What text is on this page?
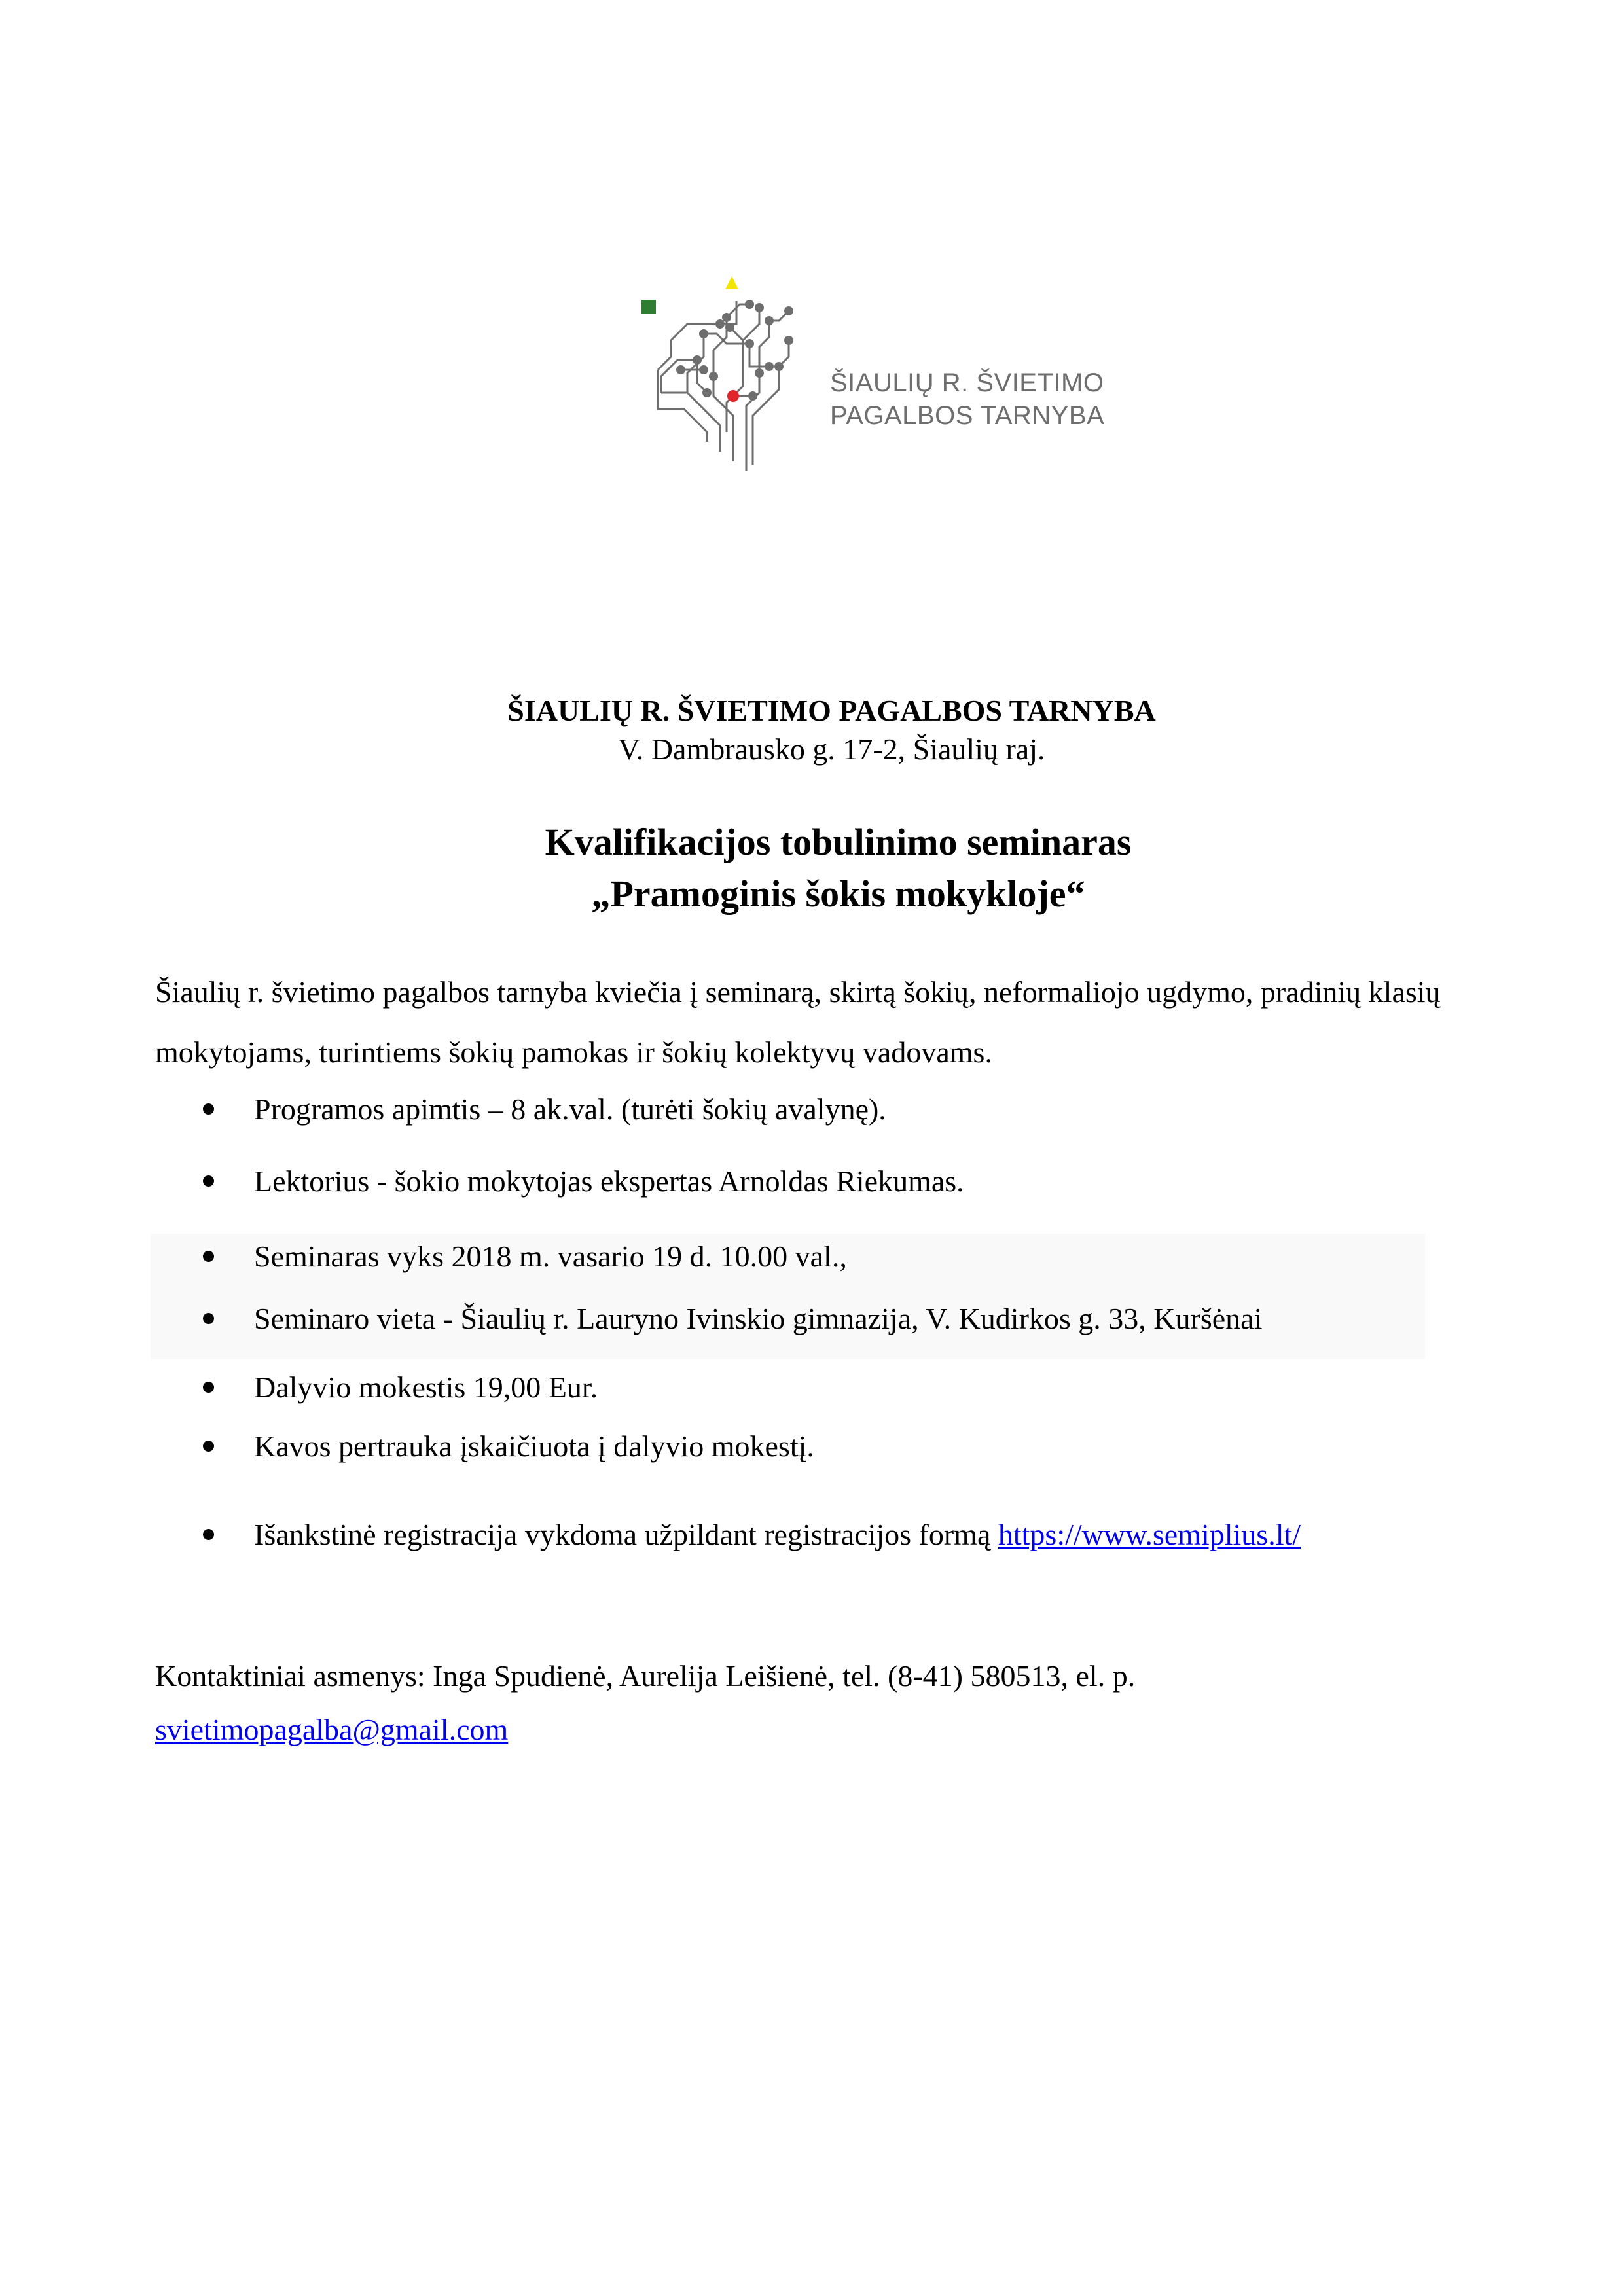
ŠIAULIŲ R. ŠVIETIMO
PAGALBOS TARNYBA
ŠIAULIŲ R. ŠVIETIMO PAGALBOS TARNYBA
V. Dambrausko g. 17-2, Šiaulių raj.
Kvalifikacijos tobulinimo seminaras
„Pramoginis šokis mokykloje“
Šiaulių r. švietimo pagalbos tarnyba kviečia į seminarą, skirtą šokių, neformaliojo ugdymo, pradinių klasių mokytojams, turintiems šokių pamokas ir šokių kolektyvų vadovams.
Programos apimtis – 8 ak.val. (turėti šokių avalynę).
Lektorius - šokio mokytojas ekspertas Arnoldas Riekumas.
Seminaras vyks 2018 m. vasario 19 d. 10.00 val.,
Seminaro vieta - Šiaulių r. Lauryno Ivinskio gimnazija, V. Kudirkos g. 33, Kuršėnai
Dalyvio mokestis 19,00 Eur.
Kavos pertrauka įskaičiuota į dalyvio mokestį.
Išankstinė registracija vykdoma užpildant registracijos formą https://www.semiplius.lt/
Kontaktiniai asmenys: Inga Spudienė, Aurelija Leišienė, tel. (8-41) 580513, el. p.
svietimopagalba@gmail.com
